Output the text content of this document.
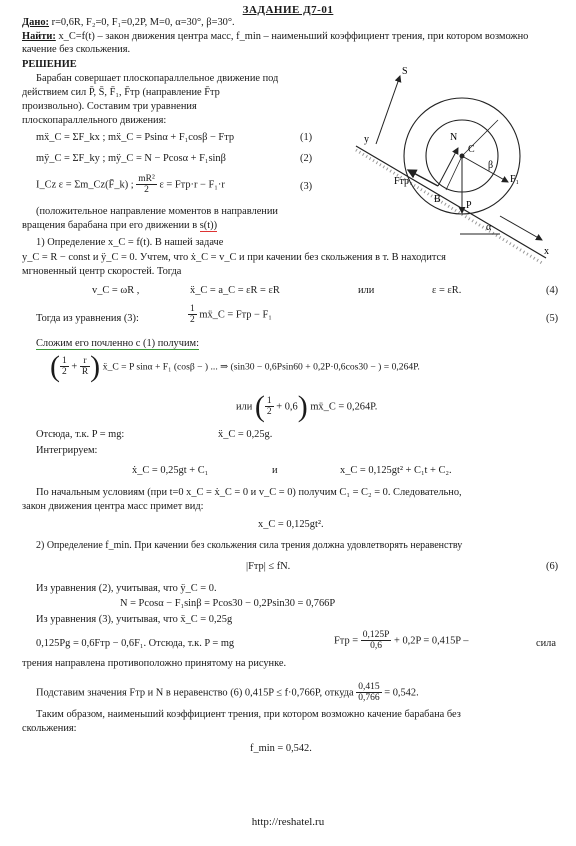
ЗАДАНИЕ Д7-01
Дано: r=0,6R, F₂=0, F₁=0,2P, M=0, α=30°, β=30°.
Найти: x_C=f(t) – закон движения центра масс, f_min – наименьший коэффициент трения, при котором возможно качение без скольжения.
РЕШЕНИЕ
Барабан совершает плоскопараллельное движение под
действием сил P̄, S̄, F̄₁, F̄тр (направление F̄тр
произвольно). Составим три уравнения
плоскопараллельного движения:
mẍ_C = ΣF_kx ; mẍ_C = Psinα + F₁cosβ − Fтр	(1)
mÿ_C = ΣF_ky ; mÿ_C = N − Pcosα + F₁sinβ	(2)
I_Cz ε = Σm_Cz(F̄_k) ; $\frac{\text{mR²}}{2}$ ε = Fтр·r − F₁·r	(3)
(положительное направление моментов в направлении
вращения барабана при его движении в s(t))
1) Определение x_C = f(t). В нашей задаче
y_C = R − const и ÿ_C = 0. Учтем, что ẋ_C = v_C и при качении без скольжения в т. B находится
мгновенный центр скоростей. Тогда
v_C = ωR ,	ẍ_C = a_C = εR = εR	или	ε = εR.	(4)
Тогда из уравнения (3):	$\frac{1}{2}$ mẍ_C = Fтр − F₁	(5)
Сложим его почленно с (1) получим:
( $\frac{1}{2} + \frac{r}{R}$ ) ẍ_C = P sinα + F₁ (cosβ − ) ... ⇒ (sin30 − 0,6Psin60 + 0,2P·0,6cos30 − ) = 0,264P.
или ( $\frac{1}{2} + 0,6$) mẍ_C = 0,264P.
Отсюда, т.к. P = mg:	ẍ_C = 0,25g.
Интегрируем:
ẋ_C = 0,25gt + C₁	и	x_C = 0,125gt² + C₁t + C₂.
По начальным условиям (при t=0 x_C = ẋ_C = 0 и v_C = 0) получим C₁ = C₂ = 0. Следовательно,
закон движения центра масс примет вид:
x_C = 0,125gt².
2) Определение f_min. При качении без скольжения сила трения должна удовлетворять неравенству
|Fтр| ≤ fN.	(6)
Из уравнения (2), учитывая, что ÿ_C = 0.
N = Pcosα − F₁sinβ = Pcos30 − 0,2Psin30 = 0,766P
Из уравнения (3), учитывая, что ẍ_C = 0,25g
0,125Pg = 0,6Fтр − 0,6F₁. Отсюда, т.к. P = mg	Fтр = $\frac{0,125P}{0,6} + 0,2P = 0,415P$ –	сила
трения направлена противоположно принятому на рисунке.
Подставим значения Fтр и N в неравенство (6) 0,415P ≤ f·0,766P, откуда $\frac{0,415}{0,766} = 0,542$.
Таким образом, наименьший коэффициент трения, при котором возможно качение барабана без
скольжения:
f_min = 0,542.
http://reshatel.ru
S
C
P
F₁
Fтр
N
B
α
β
x
y
